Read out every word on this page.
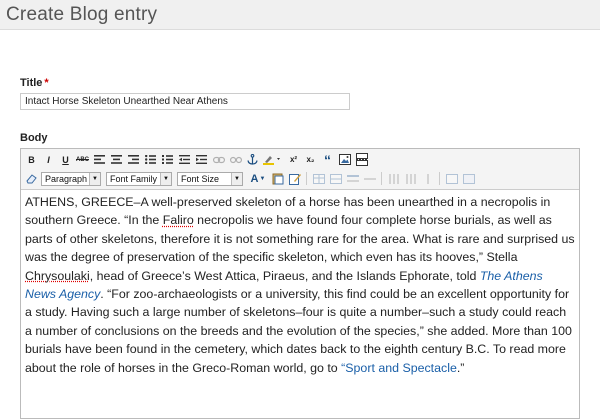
Create Blog entry
Title *
Intact Horse Skeleton Unearthed Near Athens
Body
B	I	U	ABC	x²	x₂ “
Paragraph ▼ Font Family	▼ Font Size	▼ A ▼
ATHENS, GREECE–A well-preserved skeleton of a horse has been unearthed in a necropolis in southern Greece. “In the Faliro necropolis we have found four complete horse burials, as well as parts of other skeletons, therefore it is not something rare for the area. What is rare and surprised us was the degree of preservation of the specific skeleton, which even has its hooves,” Stella Chrysoulaki, head of Greece’s West Attica, Piraeus, and the Islands Ephorate, told The Athens News Agency. “For zoo-archaeologists or a university, this find could be an excellent opportunity for a study. Having such a large number of skeletons–four is quite a number–such a study could reach a number of conclusions on the breeds and the evolution of the species,” she added. More than 100 burials have been found in the cemetery, which dates back to the eighth century B.C. To read more about the role of horses in the Greco-Roman world, go to “Sport and Spectacle.”
